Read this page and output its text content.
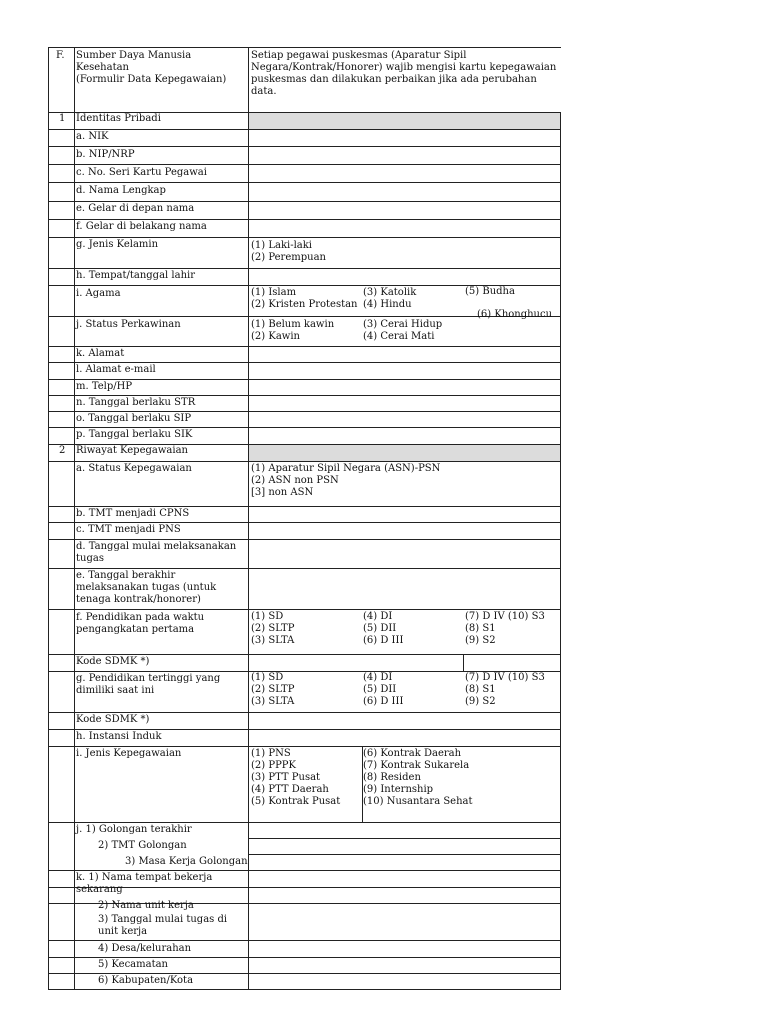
F. Sumber Daya Manusia
Kesehatan
(Formulir Data Kepegawaian)
Setiap pegawai puskesmas (Aparatur Sipil
Negara/Kontrak/Honorer) wajib mengisi kartu kepegawaian
puskesmas dan dilakukan perbaikan jika ada perubahan
data.
1 Identitas Pribadi
a. NIK
b. NIP/NRP
c. No. Seri Kartu Pegawai
d. Nama Lengkap
e. Gelar di depan nama
f. Gelar di belakang nama
g. Jenis Kelamin
h. Tempat/tanggal lahir
i. Agama
j. Status Perkawinan
k. Alamat
l. Alamat e-mail
m. Telp/HP
n. Tanggal berlaku STR
o. Tanggal berlaku SIP
p. Tanggal berlaku SIK
(1) Laki-laki
(2) Perempuan
(1) Islam
(2) Kristen Protestan
(3) Katolik
(4) Hindu
(5) Budha
(6) Khonghucu
(1) Belum kawin
(2) Kawin
(3) Cerai Hidup
(4) Cerai Mati
2 Riwayat Kepegawaian
a. Status Kepegawaian	(1) Aparatur Sipil Negara (ASN)-PSN
(2) ASN non PSN
[3] non ASN
b. TMT menjadi CPNS
c. TMT menjadi PNS
d. Tanggal mulai melaksanakan
tugas
e. Tanggal berakhir
melaksanakan tugas (untuk
tenaga kontrak/honorer)
f. Pendidikan pada waktu
pengangkatan pertama
(1) SD
(2) SLTP
(3) SLTA
(4) DI
(5) DII
(6) D III
(7) D IV (10) S3
(8) S1
(9) S2
Kode SDMK *)
g. Pendidikan tertinggi yang
dimiliki saat ini
(1) SD
(2) SLTP
(3) SLTA
(4) DI
(5) DII
(6) D III
(7) D IV (10) S3
(8) S1
(9) S2
Kode SDMK *)
h. Instansi Induk
i. Jenis Kepegawaian	(1) PNS
(2) PPPK
(3) PTT Pusat
(4) PTT Daerah
(5) Kontrak Pusat
(6) Kontrak Daerah
(7) Kontrak Sukarela
(8) Residen
(9) Internship
(10) Nusantara Sehat
j. 1) Golongan terakhir
2) TMT Golongan
3) Masa Kerja Golongan
k. 1) Nama tempat bekerja
sekarang
2) Nama unit kerja
3) Tanggal mulai tugas di
unit kerja
4) Desa/kelurahan
5) Kecamatan
6) Kabupaten/Kota
